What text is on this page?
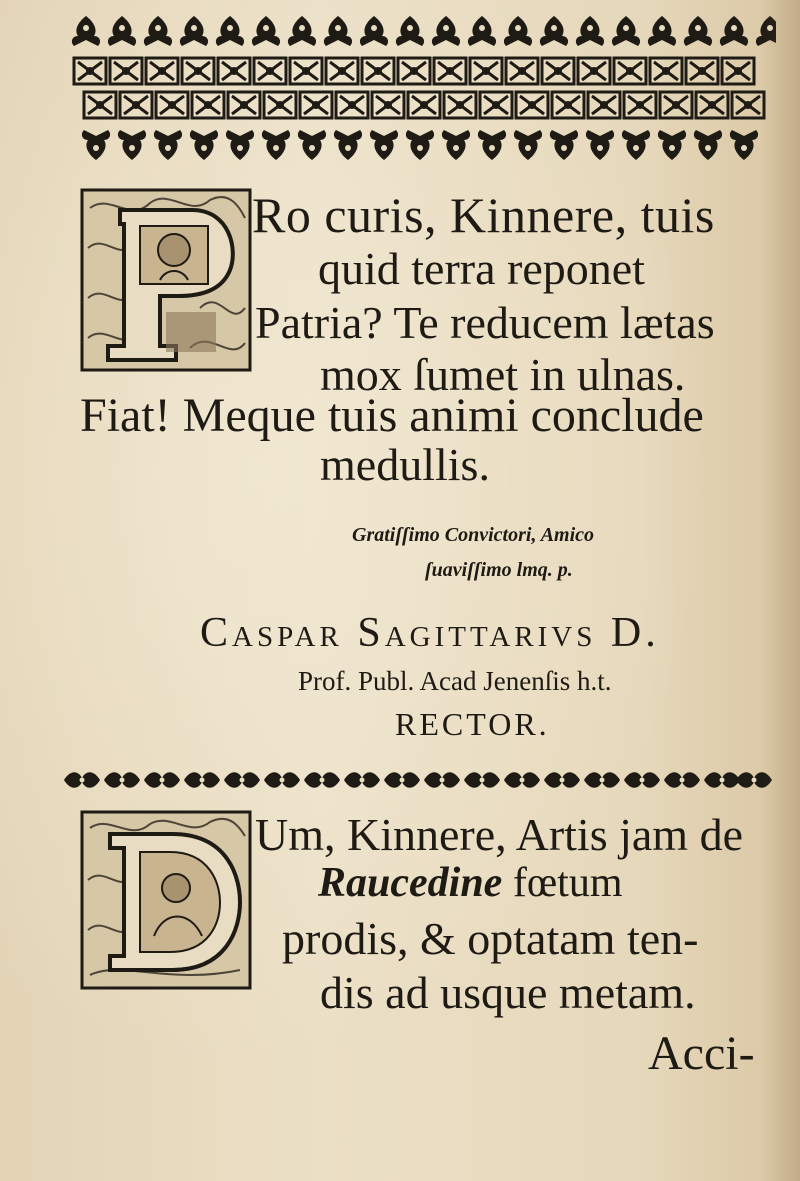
Ro curis, Kinnere, tuis
quid terra reponet
Patria? Te reducem lætas
mox ſumet in ulnas.
Fiat! Meque tuis animi conclude
medullis.
Gratiſſimo Convictori, Amico
ſuaviſſimo lmq. p.
Caspar Sagittarivs D.
Prof. Publ. Acad Jenenſis h.t.
RECTOR.
Um, Kinnere, Artis jam de
Raucedine fœtum
prodis, & optatam ten-
dis ad usque metam.
Acci-
